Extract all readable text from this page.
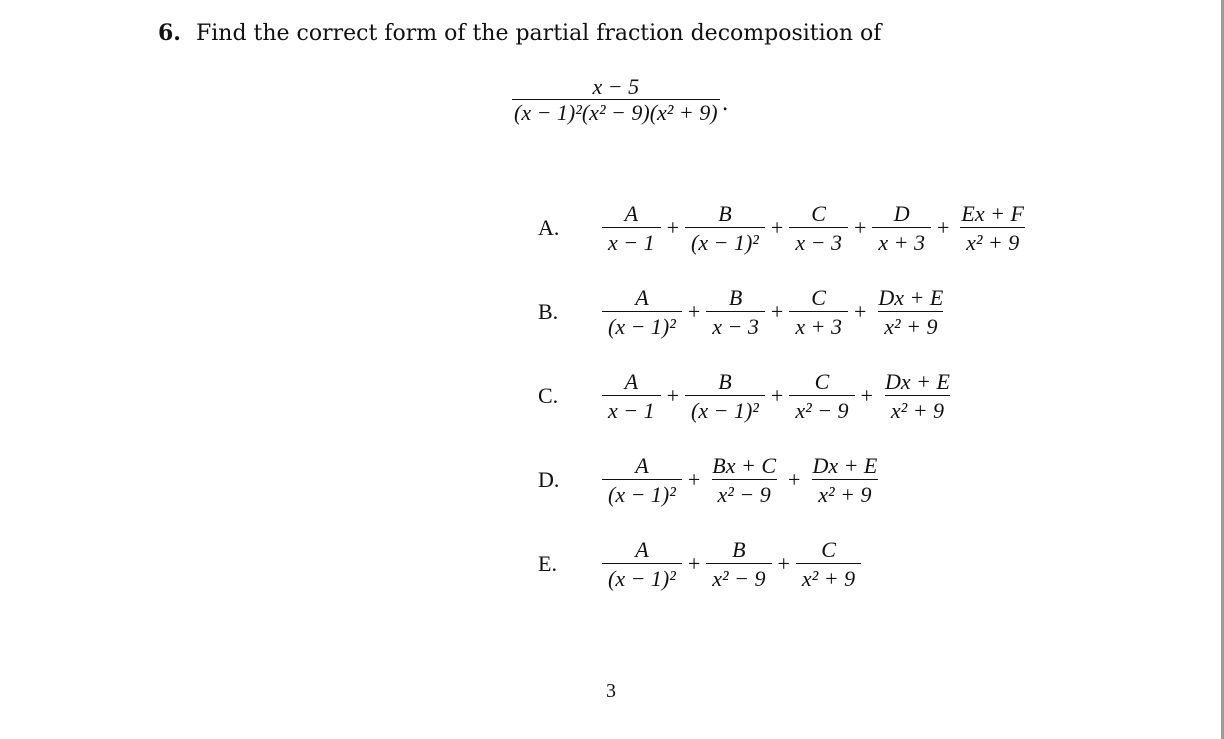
6. Find the correct form of the partial fraction decomposition of
$\frac{x - 5}{\text{(x − 1)²(x² − 9)(x² + 9)}}$ .
A.	$\frac{A}{x - 1} + \frac{B}{\text{(x − 1)²}} + \frac{C}{x - 3} + \frac{D}{x + 3} + \frac{Ex + F}{\text{x² + 9}}$
B.	$\frac{A}{\text{(x − 1)²}} + \frac{B}{x - 3} + \frac{C}{x + 3} + \frac{Dx + E}{\text{x² + 9}}$
C.	$\frac{A}{x - 1} + \frac{B}{\text{(x − 1)²}} + \frac{C}{\text{x² − 9}} + \frac{Dx + E}{\text{x² + 9}}$
D.	$\frac{A}{\text{(x − 1)²}} + \frac{Bx + C}{\text{x² − 9}} + \frac{Dx + E}{\text{x² + 9}}$
E.	$\frac{A}{\text{(x − 1)²}} + \frac{B}{\text{x² − 9}} + \frac{C}{\text{x² + 9}}$
3
